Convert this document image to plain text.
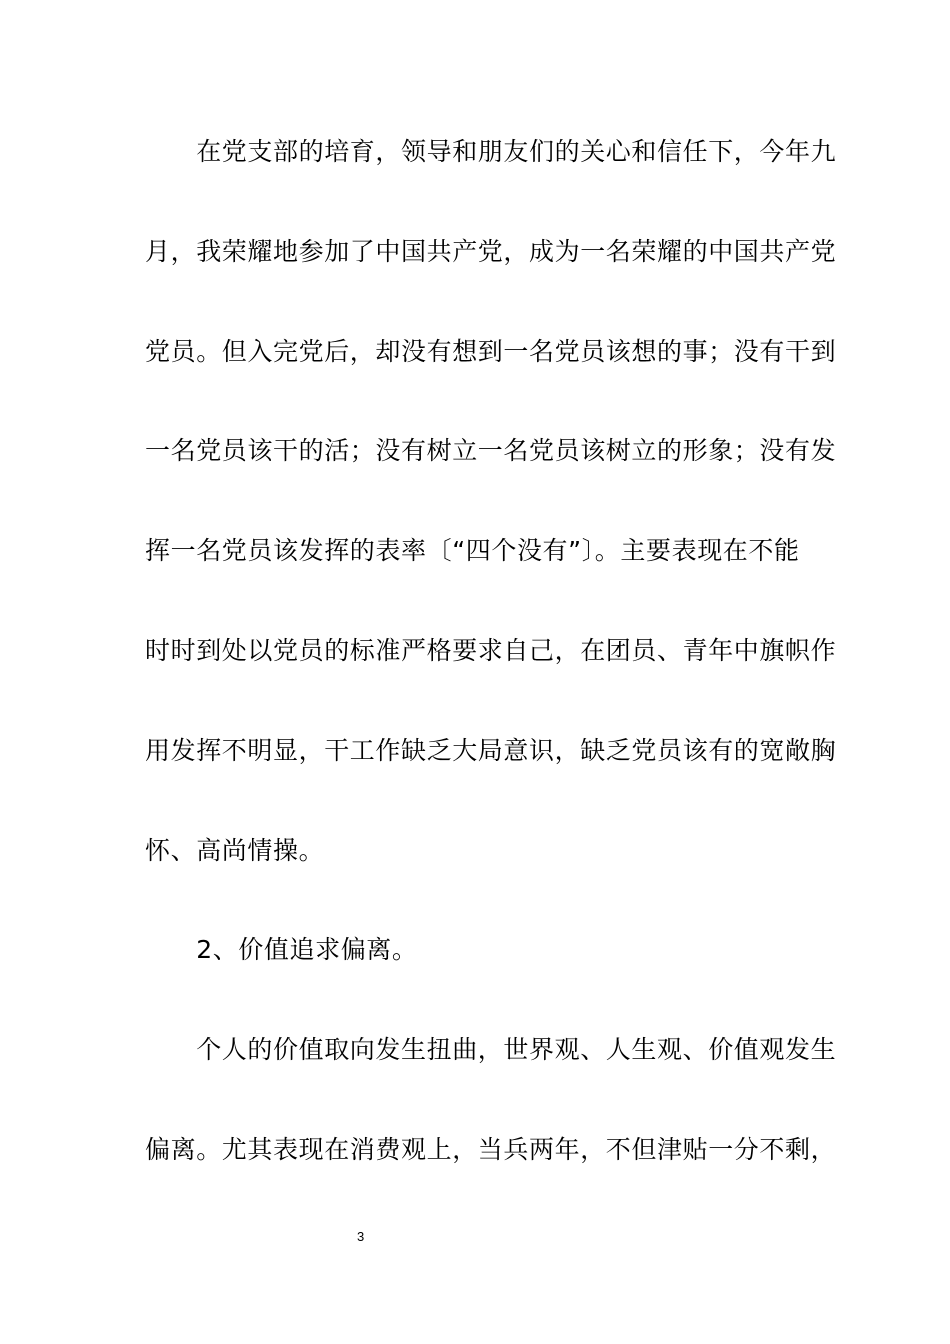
　　在党支部的培育，领导和朋友们的关心和信任下，今年九
月，我荣耀地参加了中国共产党，成为一名荣耀的中国共产党
党员。但入完党后，却没有想到一名党员该想的事；没有干到
一名党员该干的活；没有树立一名党员该树立的形象；没有发
挥一名党员该发挥的表率〔“四个没有”〕。主要表现在不能
时时到处以党员的标准严格要求自己，在团员、青年中旗帜作
用发挥不明显，干工作缺乏大局意识，缺乏党员该有的宽敞胸
怀、高尚情操。
　　2、价值追求偏离。
　　个人的价值取向发生扭曲，世界观、人生观、价值观发生
偏离。尤其表现在消费观上，当兵两年，不但津贴一分不剩，
3
